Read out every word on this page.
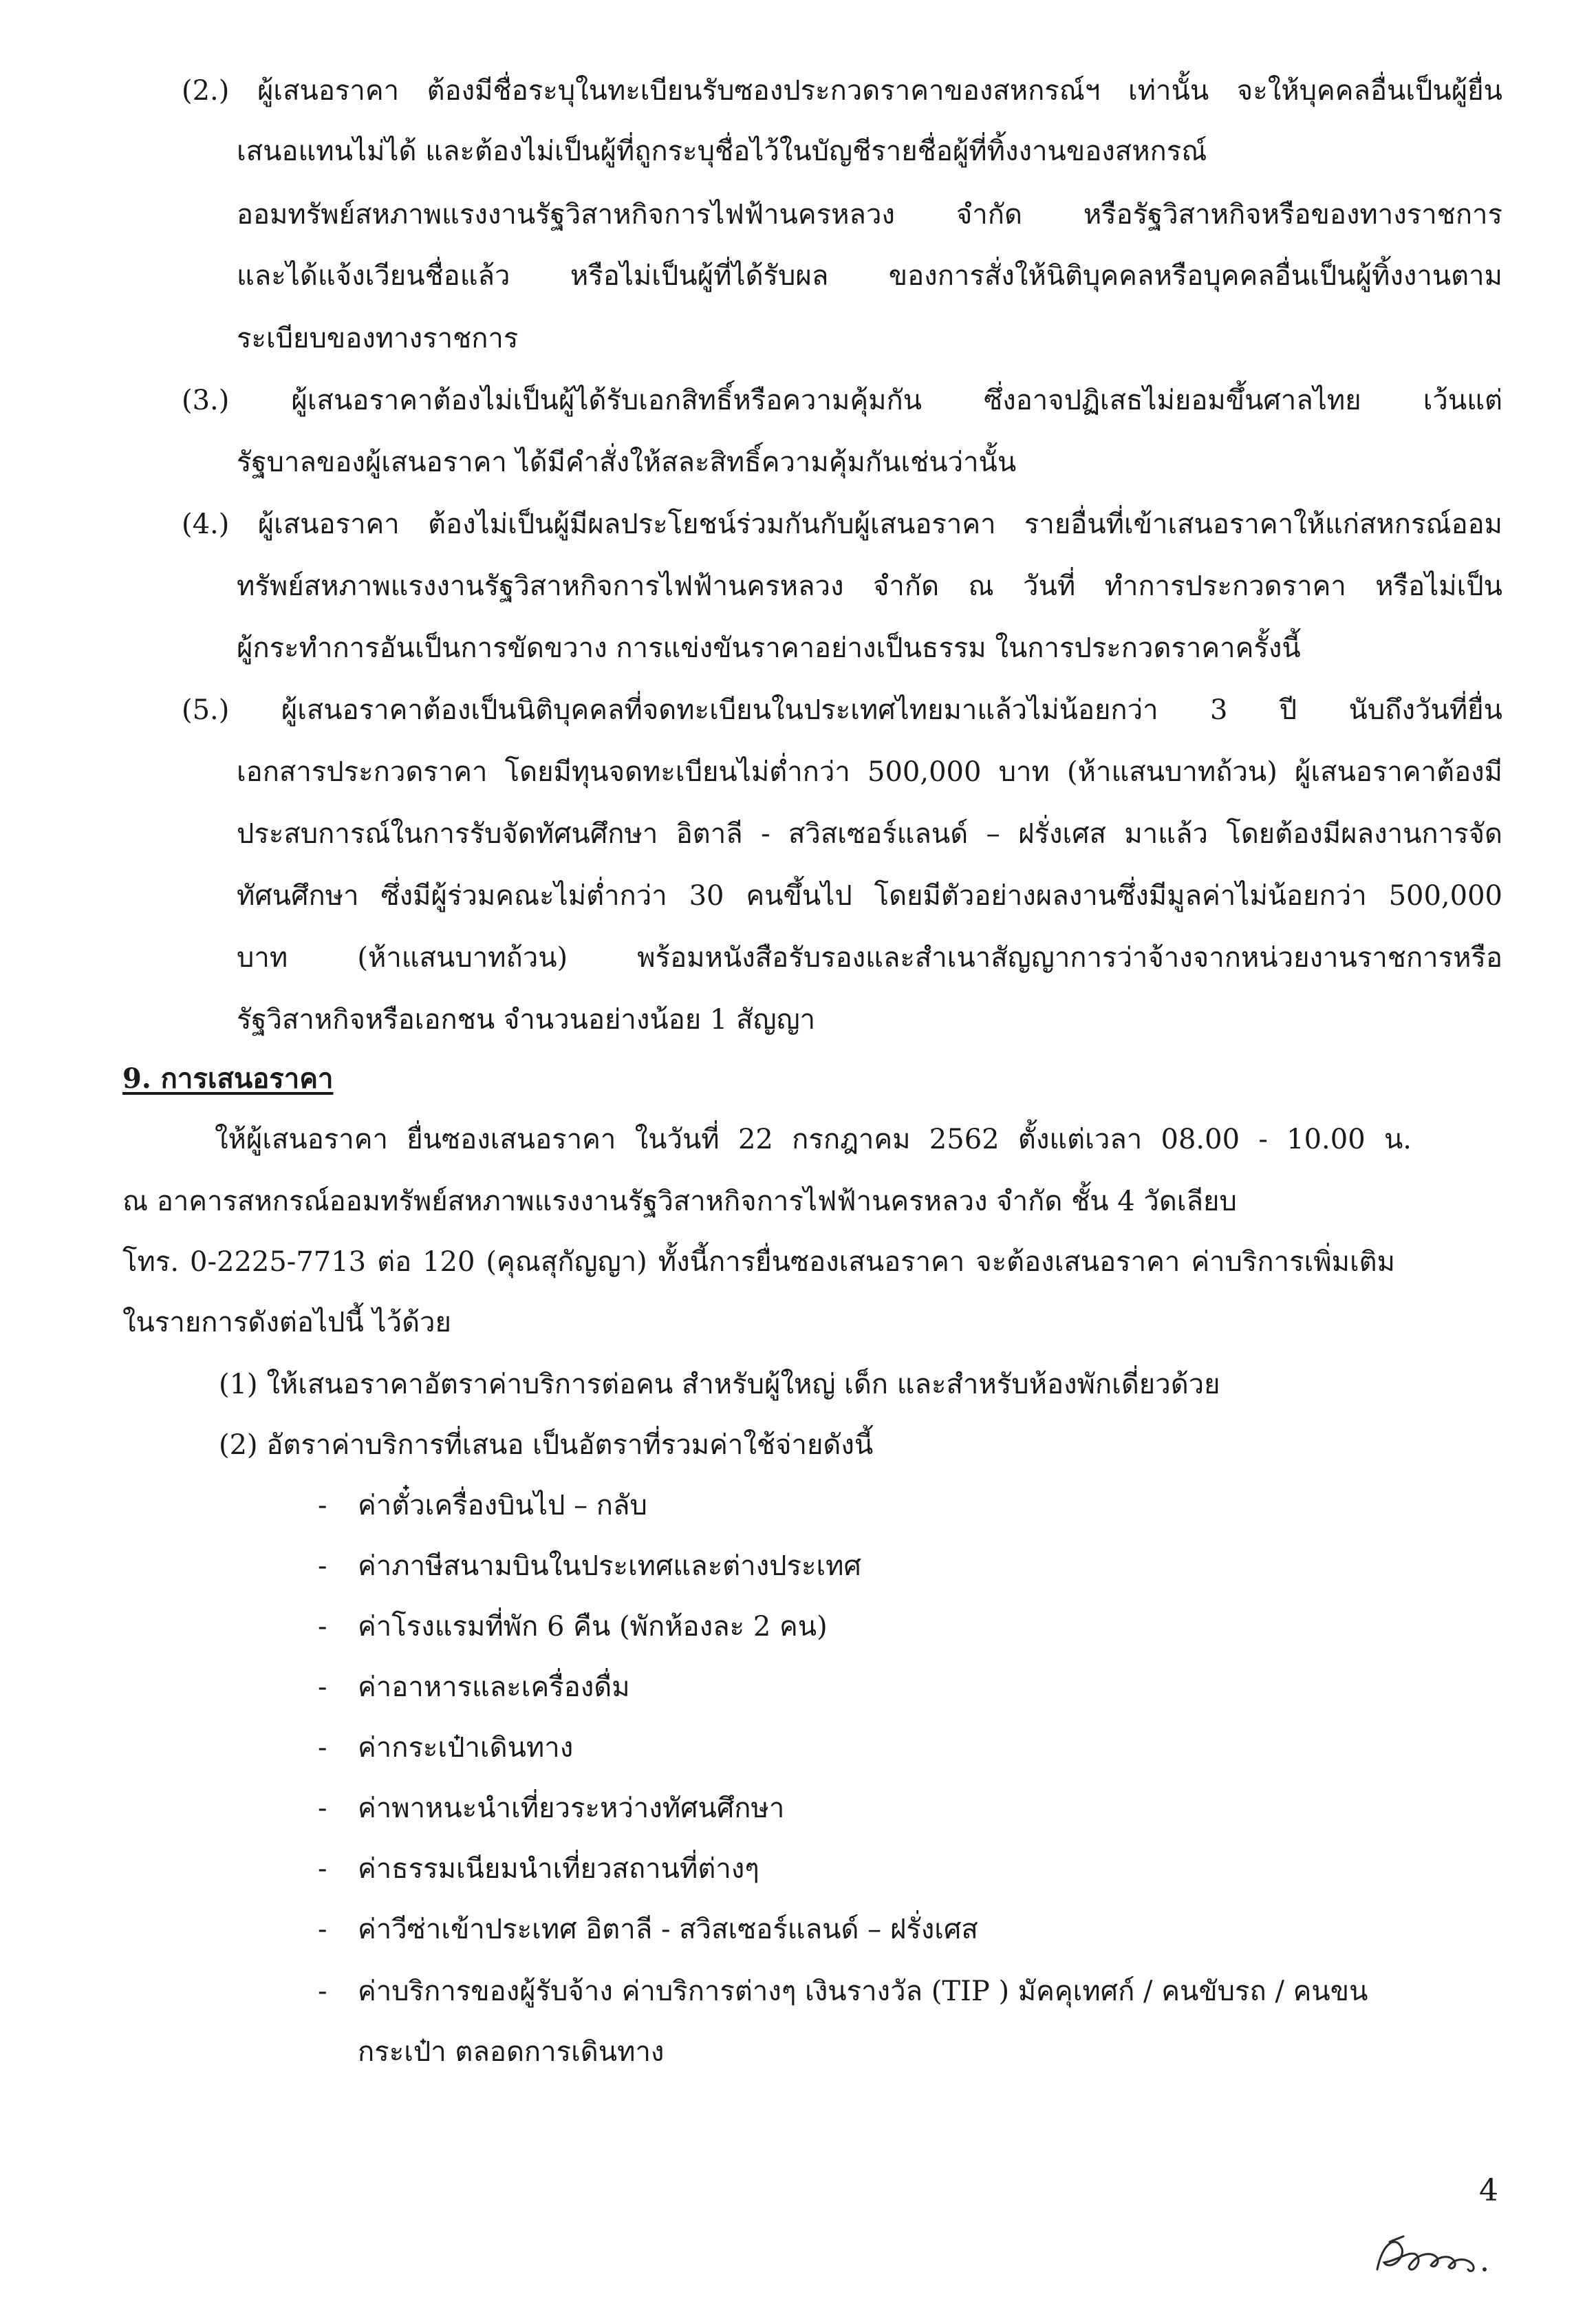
(2.) ผู้เสนอราคา ต้องมีชื่อระบุในทะเบียนรับซองประกวดราคาของสหกรณ์ฯ เท่านั้น จะให้บุคคลอื่นเป็นผู้ยื่น

เสนอแทนไม่ได้ และต้องไม่เป็นผู้ที่ถูกระบุชื่อไว้ในบัญชีรายชื่อผู้ที่ทิ้งงานของสหกรณ์

ออมทรัพย์สหภาพแรงงานรัฐวิสาหกิจการไฟฟ้านครหลวง จำกัด หรือรัฐวิสาหกิจหรือของทางราชการ

และได้แจ้งเวียนชื่อแล้ว หรือไม่เป็นผู้ที่ได้รับผล ของการสั่งให้นิติบุคคลหรือบุคคลอื่นเป็นผู้ทิ้งงานตาม

ระเบียบของทางราชการ

(3.) ผู้เสนอราคาต้องไม่เป็นผู้ได้รับเอกสิทธิ์หรือความคุ้มกัน ซึ่งอาจปฏิเสธไม่ยอมขึ้นศาลไทย เว้นแต่

รัฐบาลของผู้เสนอราคา ได้มีคำสั่งให้สละสิทธิ์ความคุ้มกันเช่นว่านั้น

(4.) ผู้เสนอราคา ต้องไม่เป็นผู้มีผลประโยชน์ร่วมกันกับผู้เสนอราคา รายอื่นที่เข้าเสนอราคาให้แก่สหกรณ์ออม

ทรัพย์สหภาพแรงงานรัฐวิสาหกิจการไฟฟ้านครหลวง จำกัด ณ วันที่ ทำการประกวดราคา หรือไม่เป็น

ผู้กระทำการอันเป็นการขัดขวาง การแข่งขันราคาอย่างเป็นธรรม ในการประกวดราคาครั้งนี้

(5.) ผู้เสนอราคาต้องเป็นนิติบุคคลที่จดทะเบียนในประเทศไทยมาแล้วไม่น้อยกว่า 3 ปี นับถึงวันที่ยื่น

เอกสารประกวดราคา โดยมีทุนจดทะเบียนไม่ต่ำกว่า 500,000 บาท (ห้าแสนบาทถ้วน) ผู้เสนอราคาต้องมี

ประสบการณ์ในการรับจัดทัศนศึกษา อิตาลี - สวิสเซอร์แลนด์ – ฝรั่งเศส มาแล้ว โดยต้องมีผลงานการจัด

ทัศนศึกษา ซึ่งมีผู้ร่วมคณะไม่ต่ำกว่า 30 คนขึ้นไป โดยมีตัวอย่างผลงานซึ่งมีมูลค่าไม่น้อยกว่า 500,000

บาท (ห้าแสนบาทถ้วน) พร้อมหนังสือรับรองและสำเนาสัญญาการว่าจ้างจากหน่วยงานราชการหรือ

รัฐวิสาหกิจหรือเอกชน จำนวนอย่างน้อย 1 สัญญา

9. การเสนอราคา

ให้ผู้เสนอราคา ยื่นซองเสนอราคา ในวันที่ 22 กรกฎาคม 2562 ตั้งแต่เวลา 08.00 - 10.00 น.

ณ อาคารสหกรณ์ออมทรัพย์สหภาพแรงงานรัฐวิสาหกิจการไฟฟ้านครหลวง จำกัด ชั้น 4 วัดเลียบ

โทร. 0-2225-7713 ต่อ 120 (คุณสุกัญญา) ทั้งนี้การยื่นซองเสนอราคา จะต้องเสนอราคา ค่าบริการเพิ่มเติม

ในรายการดังต่อไปนี้ ไว้ด้วย

(1) ให้เสนอราคาอัตราค่าบริการต่อคน สำหรับผู้ใหญ่ เด็ก และสำหรับห้องพักเดี่ยวด้วย

(2) อัตราค่าบริการที่เสนอ เป็นอัตราที่รวมค่าใช้จ่ายดังนี้

- ค่าตั๋วเครื่องบินไป – กลับ
- ค่าภาษีสนามบินในประเทศและต่างประเทศ
- ค่าโรงแรมที่พัก 6 คืน (พักห้องละ 2 คน)
- ค่าอาหารและเครื่องดื่ม
- ค่ากระเป๋าเดินทาง
- ค่าพาหนะนำเที่ยวระหว่างทัศนศึกษา
- ค่าธรรมเนียมนำเที่ยวสถานที่ต่างๆ
- ค่าวีซ่าเข้าประเทศ อิตาลี - สวิสเซอร์แลนด์ – ฝรั่งเศส
- ค่าบริการของผู้รับจ้าง ค่าบริการต่างๆ เงินรางวัล (TIP ) มัคคุเทศก์ / คนขับรถ / คนขน
กระเป๋า ตลอดการเดินทาง
4
